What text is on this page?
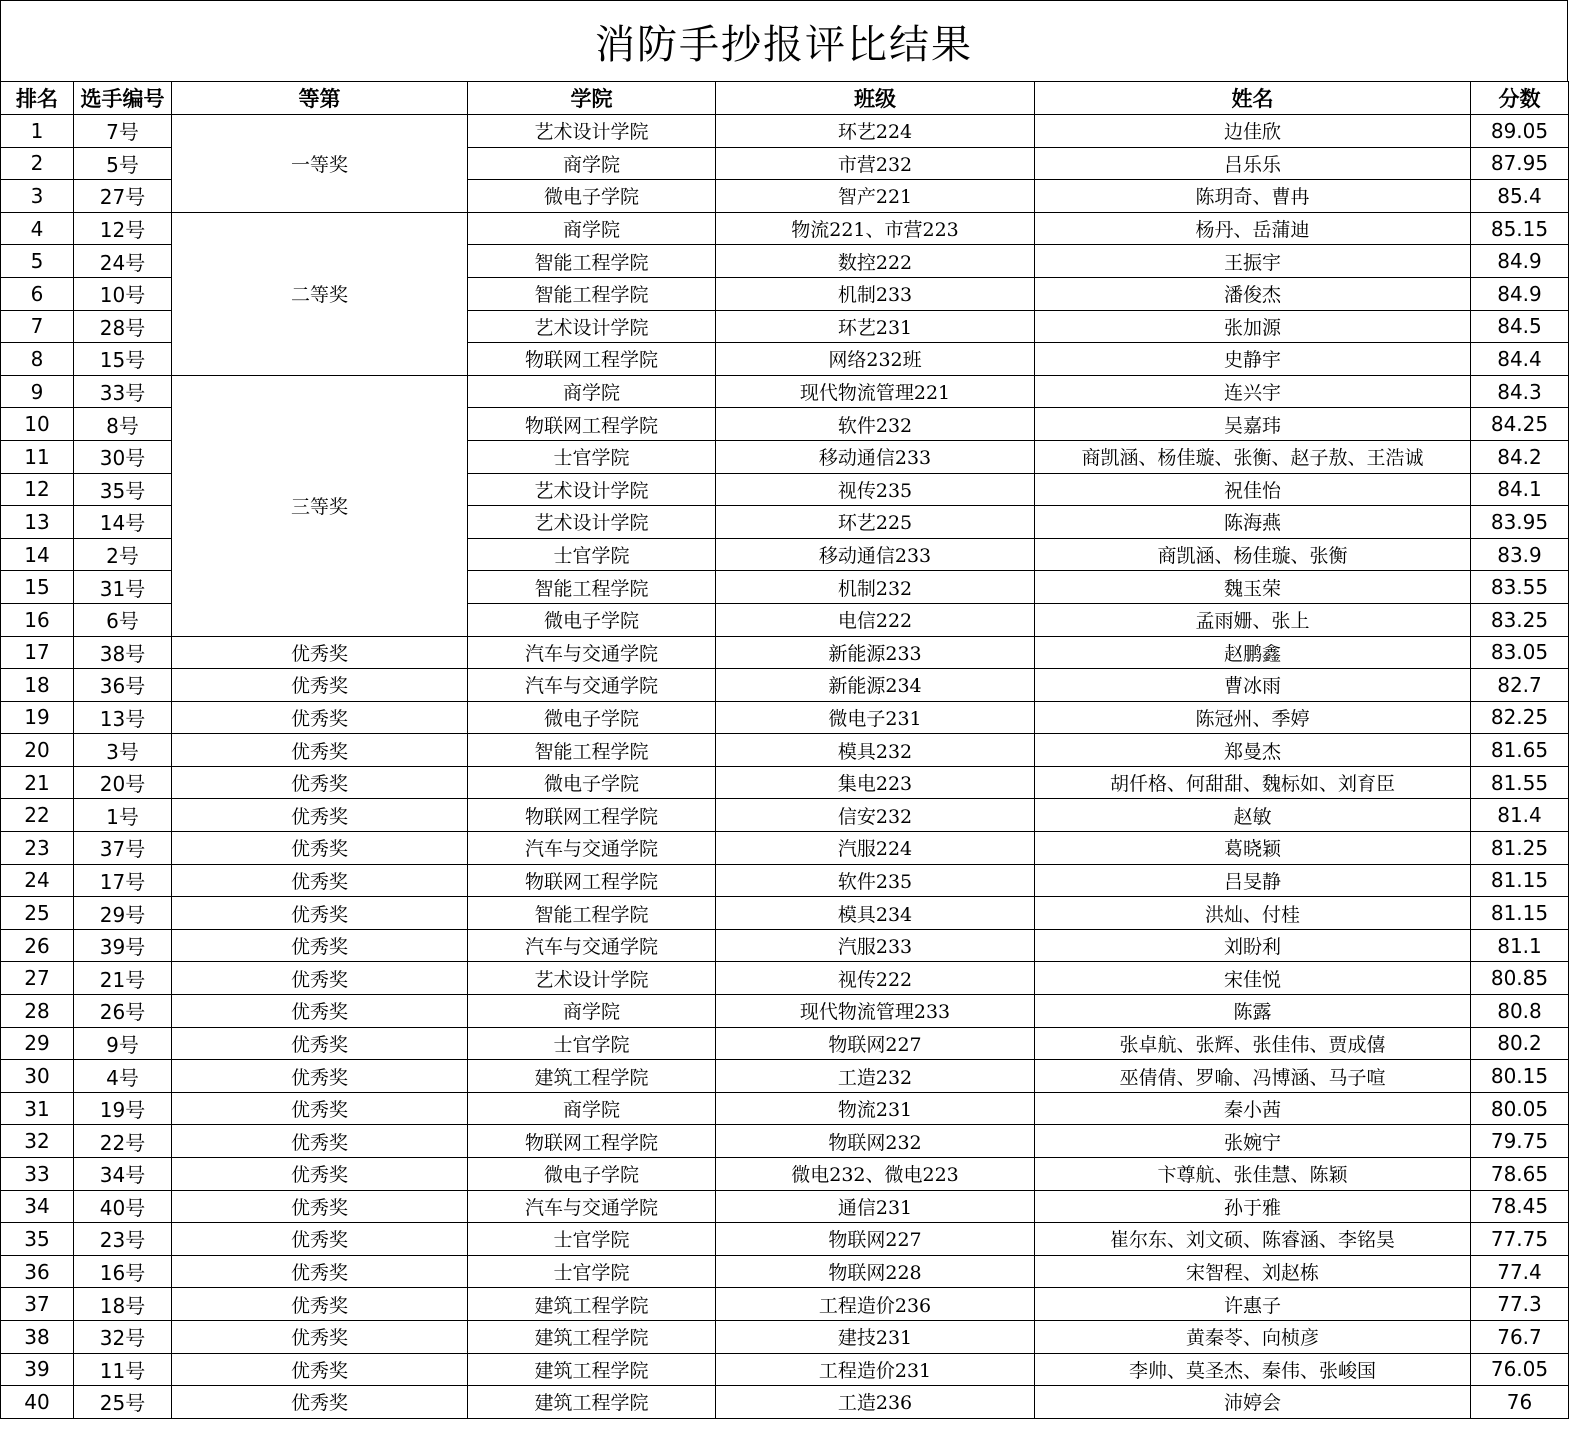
消防手抄报评比结果
排名	选手编号	等第	学院	班级	姓名	分数
1	7号	一等奖	艺术设计学院	环艺224	边佳欣	89.05
2	5号		商学院	市营232	吕乐乐	87.95
3	27号		微电子学院	智产221	陈玥奇、曹冉	85.4
4	12号	二等奖	商学院	物流221、市营223	杨丹、岳蒲迪	85.15
5	24号		智能工程学院	数控222	王振宇	84.9
6	10号		智能工程学院	机制233	潘俊杰	84.9
7	28号		艺术设计学院	环艺231	张加源	84.5
8	15号		物联网工程学院	网络232班	史静宇	84.4
9	33号	三等奖	商学院	现代物流管理221	连兴宇	84.3
10	8号		物联网工程学院	软件232	吴嘉玮	84.25
11	30号		士官学院	移动通信233	商凯涵、杨佳璇、张衡、赵子敖、王浩诚	84.2
12	35号		艺术设计学院	视传235	祝佳怡	84.1
13	14号		艺术设计学院	环艺225	陈海燕	83.95
14	2号		士官学院	移动通信233	商凯涵、杨佳璇、张衡	83.9
15	31号		智能工程学院	机制232	魏玉荣	83.55
16	6号		微电子学院	电信222	孟雨姗、张上	83.25
17	38号	优秀奖	汽车与交通学院	新能源233	赵鹏鑫	83.05
18	36号	优秀奖	汽车与交通学院	新能源234	曹冰雨	82.7
19	13号	优秀奖	微电子学院	微电子231	陈冠州、季婷	82.25
20	3号	优秀奖	智能工程学院	模具232	郑曼杰	81.65
21	20号	优秀奖	微电子学院	集电223	胡仟格、何甜甜、魏标如、刘育臣	81.55
22	1号	优秀奖	物联网工程学院	信安232	赵敏	81.4
23	37号	优秀奖	汽车与交通学院	汽服224	葛晓颖	81.25
24	17号	优秀奖	物联网工程学院	软件235	吕旻静	81.15
25	29号	优秀奖	智能工程学院	模具234	洪灿、付桂	81.15
26	39号	优秀奖	汽车与交通学院	汽服233	刘盼利	81.1
27	21号	优秀奖	艺术设计学院	视传222	宋佳悦	80.85
28	26号	优秀奖	商学院	现代物流管理233	陈露	80.8
29	9号	优秀奖	士官学院	物联网227	张卓航、张辉、张佳伟、贾成僖	80.2
30	4号	优秀奖	建筑工程学院	工造232	巫倩倩、罗喻、冯博涵、马子喧	80.15
31	19号	优秀奖	商学院	物流231	秦小茜	80.05
32	22号	优秀奖	物联网工程学院	物联网232	张婉宁	79.75
33	34号	优秀奖	微电子学院	微电232、微电223	卞尊航、张佳慧、陈颖	78.65
34	40号	优秀奖	汽车与交通学院	通信231	孙于雅	78.45
35	23号	优秀奖	士官学院	物联网227	崔尔东、刘文硕、陈睿涵、李铭昊	77.75
36	16号	优秀奖	士官学院	物联网228	宋智程、刘赵栋	77.4
37	18号	优秀奖	建筑工程学院	工程造价236	许惠子	77.3
38	32号	优秀奖	建筑工程学院	建技231	黄秦苓、向桢彦	76.7
39	11号	优秀奖	建筑工程学院	工程造价231	李帅、莫圣杰、秦伟、张峻国	76.05
40	25号	优秀奖	建筑工程学院	工造236	沛婷会	76
